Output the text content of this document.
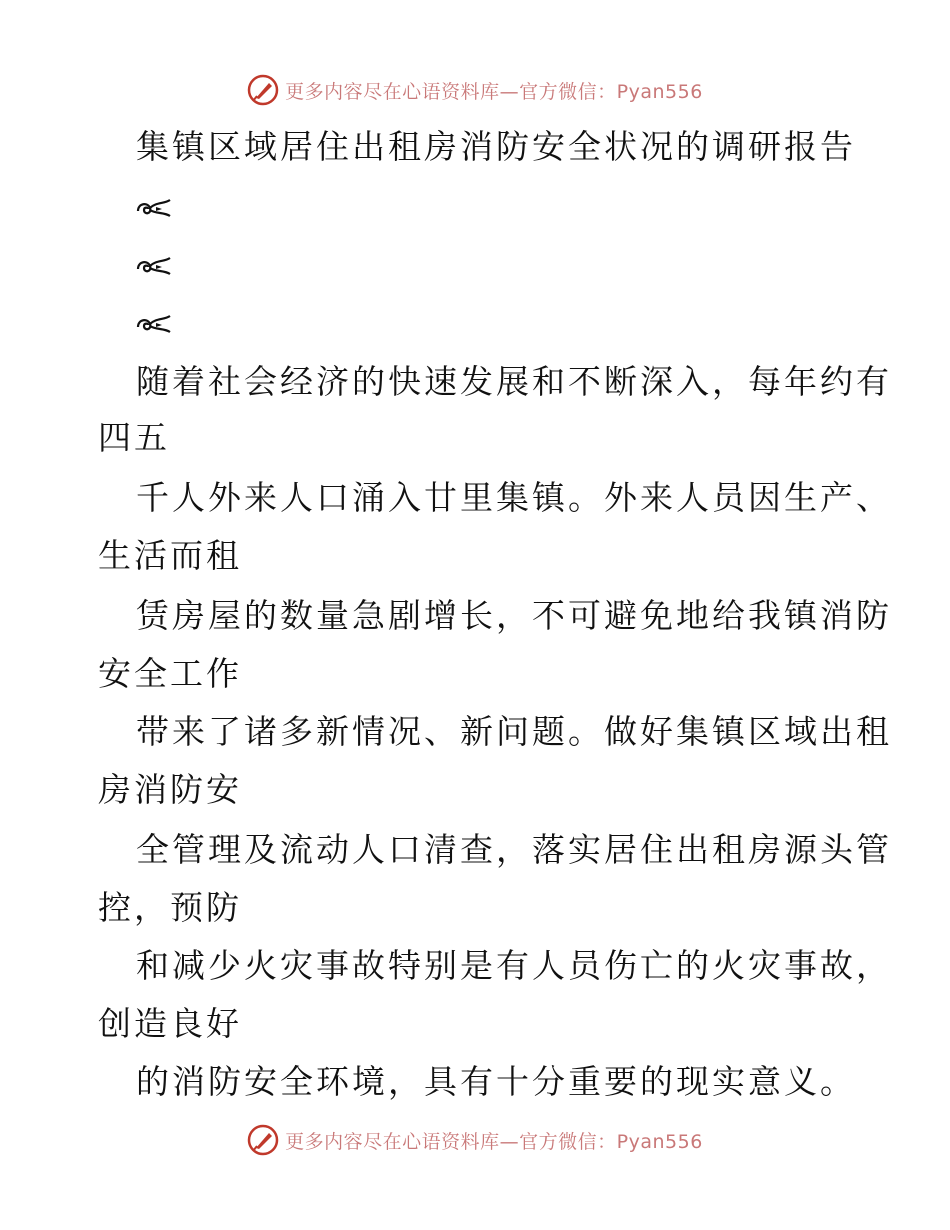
更多内容尽在心语资料库—官方微信：Pyan556
集镇区域居住出租房消防安全状况的调研报告
随着社会经济的快速发展和不断深入，每年约有
四五
千人外来人口涌入廿里集镇。外来人员因生产、
生活而租
赁房屋的数量急剧增长，不可避免地给我镇消防
安全工作
带来了诸多新情况、新问题。做好集镇区域出租
房消防安
全管理及流动人口清查，落实居住出租房源头管
控，预防
和减少火灾事故特别是有人员伤亡的火灾事故，
创造良好
的消防安全环境，具有十分重要的现实意义。
更多内容尽在心语资料库—官方微信：Pyan556
